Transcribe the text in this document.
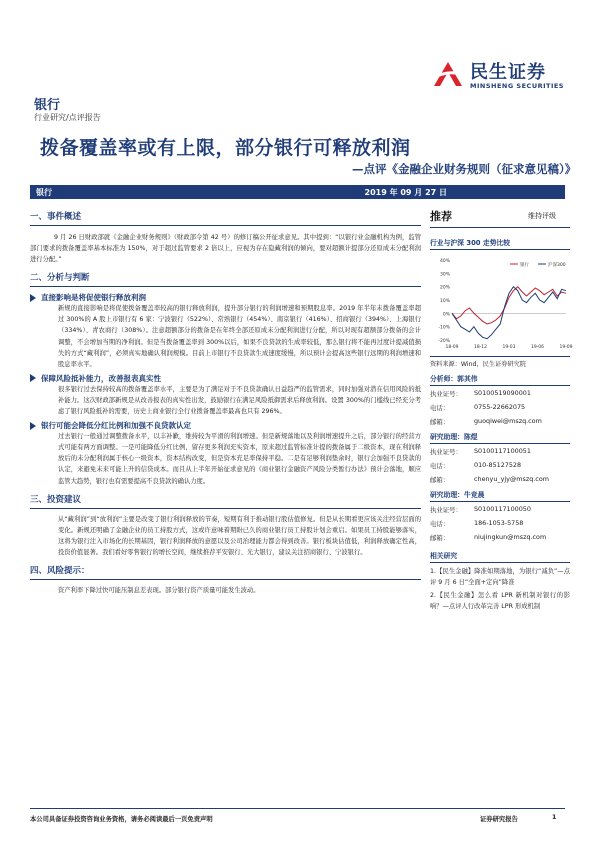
民生证券
MINSHENG SECURITIES
银行
行业研究/点评报告
拨备覆盖率或有上限，部分银行可释放利润
—点评《金融企业财务规则（征求意见稿）》
银行	2019 年 09 月 27 日
一、事件概述
9 月 26 日财政部就《金融企业财务规则》（财政部令第 42 号）的修订稿公开征求意见。其中提到：“以银行业金融机构为例，监管部门要求的拨备覆盖率基本标准为 150%，对于超过监管要求 2 倍以上，应视为存在隐藏利润的倾向，要对超额计提部分还原成未分配利润进行分配。”
二、分析与判断
直接影响是将促使银行释放利润
新规的直接影响是将促使拨备覆盖率较高的银行释放利润，提升部分银行的利润增速和预期股息率。2019 年半年末拨备覆盖率超过 300%的 A 股上市银行有 6 家：宁波银行（522%）、常熟银行（454%）、南京银行（416%）、招商银行（394%）、上海银行（334%）、青农商行（308%）。注意超额部分的拨备是在年终全部还原成未分配利润进行分配，所以对现有超额部分拨备的会计调整，不会增加当期的净利润。但是当拨备覆盖率到 300%以后，如果不良贷款的生成率较低，那么银行将不能再过度计提减值损失的方式“藏利润”，必须真实地确认利润规模。目前上市银行不良贷款生成速度缓慢，所以预计会提高这些银行远期的利润增速和股息率水平。
保障风险抵补能力，改善报表真实性
很多银行过去保持较高的拨备覆盖率水平，主要是为了满足对于不良贷款确认日益趋严的监管需求，同时加强对潜在信用风险的抵补能力。这次财政部新规是从改善报表的真实性出发，鼓励银行在满足风险抵御需求后释放利润。设置 300%的门槛线已经充分考虑了银行风险抵补的需要，历史上商业银行全行业拨备覆盖率最高也只有 296%。
银行可能会降低分红比例和加强不良贷款认定
过去银行一般通过调整拨备水平，以丰补歉，维持较为平滑的利润增速。但是新规落地以及利润增速提升之后，部分银行的经营方式可能有两方面调整。一是可能降低分红比例，留存更多利润充实资本，原来超过监管标准计提的拨备属于二级资本，现在利润释放后的未分配利润属于核心一级资本，资本结构改变，但是资本充足率保持平稳。二是有足够利润垫余时，银行会加强不良贷款的认定，来避免未来可能上升的信贷成本。而且从上半年开始征求意见的《商业银行金融资产风险分类暂行办法》预计会落地，顺应监管大趋势，银行也有需要提高不良贷款的确认力度。
三、投资建议
从“藏利润”到“放利润”主要是改变了银行利润释放的节奏，短期有利于推动银行股估值修复。但是从长期看更应该关注经营层面的变化。新规还明确了金融企业的员工持股方式，这或许意味着期盼已久的商业银行员工持股计划会重启。如果员工持股能够落实，这将为银行注入市场化的长期基因，银行利润释放的意愿以及公司治理能力都会得到改善。银行板块估值低，利润释放确定性高，投资价值显著。我们看好零售银行的增长空间，继续推荐平安银行、光大银行，建议关注招商银行、宁波银行。
四、风险提示：
资产利率下降过快可能压制息差表现。部分银行资产质量可能发生波动。
推荐	维持评级
行业与沪深 300 走势比较
40%
30%
20%
10%
0%
-10%
-20%
18-09	18-12	19-03	19-06	19-09
银行	沪深300
资料来源：Wind，民生证券研究院
分析师：郭其伟
执业证号：	S0100519090001
电话：	0755-22662075
邮箱：	guoqiwei@mszq.com
研究助理：陈煜
执业证号：	S0100117100051
电话：	010-85127528
邮箱：	chenyu_yjy@mszq.com
研究助理：牛竞晨
执业证号：	S0100117100050
电话：	186-1053-5758
邮箱：	niujingkun@mszq.com
相关研究
1.【民生金融】降准如期落地，为银行“减负”—点评 9 月 6 日“全面+定向”降准
2.【民生金融】怎么看 LPR 新机制对银行的影响？—点评人行改革完善 LPR 形成机制
本公司具备证券投资咨询业务资格，请务必阅读最后一页免责声明	证券研究报告	1
